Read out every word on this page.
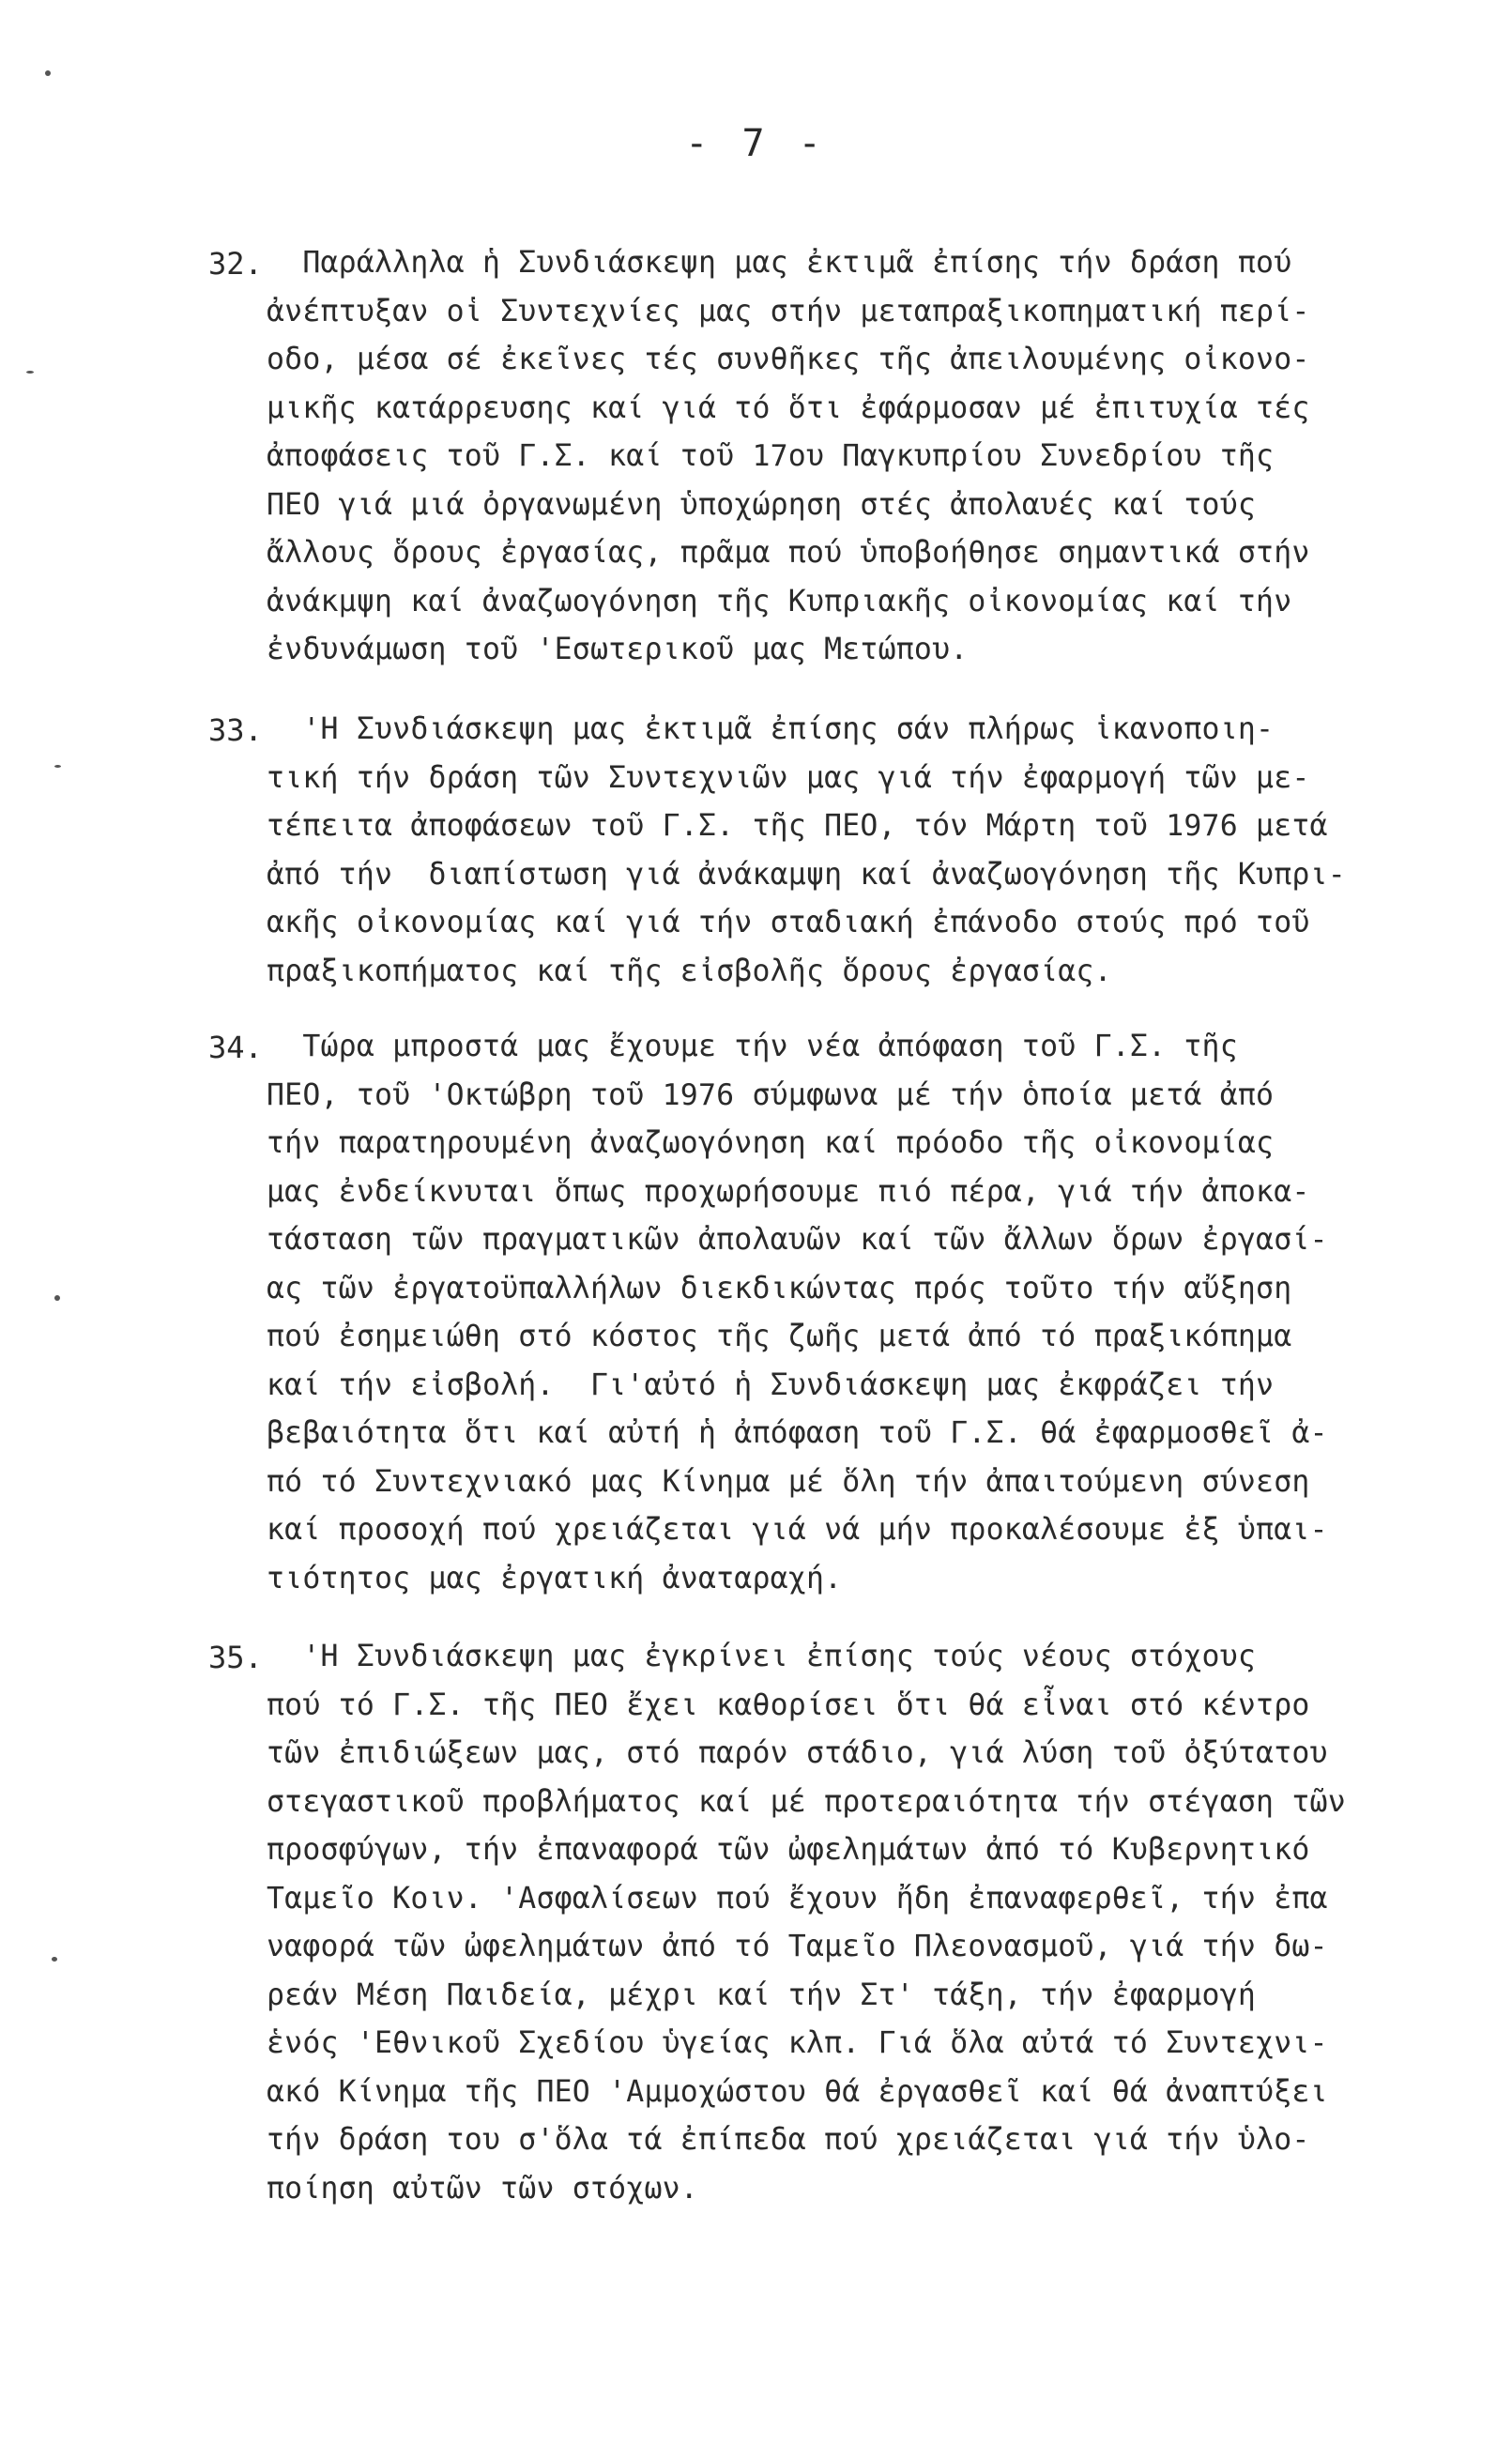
- 7 -
32. Παράλληλα ἡ Συνδιάσκεψη μας ἐκτιμᾶ ἐπίσης τήν δράση πού
ἀνέπτυξαν οἱ Συντεχνίες μας στήν μεταπραξικοπηματική περί-
οδο, μέσα σέ ἐκεῖνες τές συνθῆκες τῆς ἀπειλουμένης οἰκονο-
μικῆς κατάρρευσης καί γιά τό ὅτι ἐφάρμοσαν μέ ἐπιτυχία τές
ἀποφάσεις τοῦ Γ.Σ. καί τοῦ 17ου Παγκυπρίου Συνεδρίου τῆς
ΠΕΟ γιά μιά ὀργανωμένη ὑποχώρηση στές ἀπολαυές καί τούς
ἄλλους ὅρους ἐργασίας, πρᾶμα πού ὑποβοήθησε σημαντικά στήν
ἀνάκμψη καί ἀναζωογόνηση τῆς Κυπριακῆς οἰκονομίας καί τήν
ἐνδυνάμωση τοῦ 'Εσωτερικοῦ μας Μετώπου.
33. 'Η Συνδιάσκεψη μας ἐκτιμᾶ ἐπίσης σάν πλήρως ἱκανοποιη-
τική τήν δράση τῶν Συντεχνιῶν μας γιά τήν ἐφαρμογή τῶν με-
τέπειτα ἀποφάσεων τοῦ Γ.Σ. τῆς ΠΕΟ, τόν Μάρτη τοῦ 1976 μετά
ἀπό τήν  διαπίστωση γιά ἀνάκαμψη καί ἀναζωογόνηση τῆς Κυπρι-
ακῆς οἰκονομίας καί γιά τήν σταδιακή ἐπάνοδο στούς πρό τοῦ
πραξικοπήματος καί τῆς εἰσβολῆς ὅρους ἐργασίας.
34. Τώρα μπροστά μας ἔχουμε τήν νέα ἀπόφαση τοῦ Γ.Σ. τῆς
ΠΕΟ, τοῦ 'Οκτώβρη τοῦ 1976 σύμφωνα μέ τήν ὁποία μετά ἀπό
τήν παρατηρουμένη ἀναζωογόνηση καί πρόοδο τῆς οἰκονομίας
μας ἐνδείκνυται ὅπως προχωρήσουμε πιό πέρα, γιά τήν ἀποκα-
τάσταση τῶν πραγματικῶν ἀπολαυῶν καί τῶν ἄλλων ὅρων ἐργασί-
ας τῶν ἐργατοϋπαλλήλων διεκδικώντας πρός τοῦτο τήν αὔξηση
πού ἐσημειώθη στό κόστος τῆς ζωῆς μετά ἀπό τό πραξικόπημα
καί τήν εἰσβολή.  Γι'αὐτό ἡ Συνδιάσκεψη μας ἐκφράζει τήν
βεβαιότητα ὅτι καί αὐτή ἡ ἀπόφαση τοῦ Γ.Σ. θά ἐφαρμοσθεῖ ἀ-
πό τό Συντεχνιακό μας Κίνημα μέ ὅλη τήν ἀπαιτούμενη σύνεση
καί προσοχή πού χρειάζεται γιά νά μήν προκαλέσουμε ἐξ ὑπαι-
τιότητος μας ἐργατική ἀναταραχή.
35. 'Η Συνδιάσκεψη μας ἐγκρίνει ἐπίσης τούς νέους στόχους
πού τό Γ.Σ. τῆς ΠΕΟ ἔχει καθορίσει ὅτι θά εἶναι στό κέντρο
τῶν ἐπιδιώξεων μας, στό παρόν στάδιο, γιά λύση τοῦ ὀξύτατου
στεγαστικοῦ προβλήματος καί μέ προτεραιότητα τήν στέγαση τῶν
προσφύγων, τήν ἐπαναφορά τῶν ὠφελημάτων ἀπό τό Κυβερνητικό
Ταμεῖο Κοιν. 'Ασφαλίσεων πού ἔχουν ἤδη ἐπαναφερθεῖ, τήν ἐπα
ναφορά τῶν ὠφελημάτων ἀπό τό Ταμεῖο Πλεονασμοῦ, γιά τήν δω-
ρεάν Μέση Παιδεία, μέχρι καί τήν Στ' τάξη, τήν ἐφαρμογή
ἑνός 'Εθνικοῦ Σχεδίου ὑγείας κλπ. Γιά ὅλα αὐτά τό Συντεχνι-
ακό Κίνημα τῆς ΠΕΟ 'Αμμοχώστου θά ἐργασθεῖ καί θά ἀναπτύξει
τήν δράση του σ'ὅλα τά ἐπίπεδα πού χρειάζεται γιά τήν ὑλο-
ποίηση αὐτῶν τῶν στόχων.
